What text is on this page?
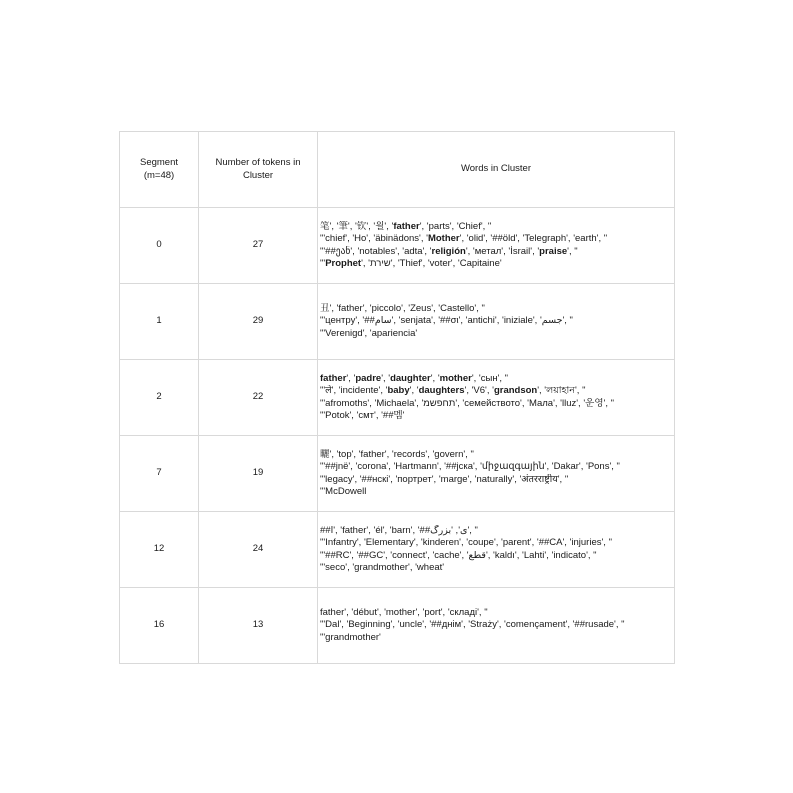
Segment (m=48)	Number of tokens in Cluster	Words in Cluster

0	27	笔', '筆', '钦', '읠', 'father', 'parts', 'Chief', "
"'chief', 'Ho', 'äbinädons', 'Mother', 'olid', '##öld', 'Telegraph', 'earth', "
"'##ეან', 'notables', 'adta', 'religión', 'метал', 'İsrail', 'praise', "
"'Prophet', 'שירת', 'Thief', 'voter', 'Capitaine'

1	29	丑', 'father', 'piccolo', 'Zeus', 'Castello', "
"'центру', '##سام', 'senjata', '##σι', 'antichi', 'iniziale', 'جسم', "
"'Verenigd', 'apariencia'

2	22	father', 'padre', 'daughter', 'mother', 'сын', "
"'ले', 'incidente', 'baby', 'daughters', 'V6', 'grandson', 'লয়াহান', "
"'afromoths', 'Michaela', 'תחפשמ', 'семейството', 'Мала', 'lluz', '운영', "
"'Potok', 'смт', '##멤'

7	19	曬', 'top', 'father', 'records', 'govern', "
"'##jnë', 'corona', 'Hartmann', '##jска', 'միջազգային', 'Dakar', 'Pons', "
"'legacy', '##нскі', 'портрет', 'marge', 'naturally', 'अंतरराष्ट्रीय', "
"'McDowell

12	24	##ا', 'father', 'él', 'barn', '##ی', 'بزرگ', "
"'Infantry', 'Elementary', 'kinderen', 'coupe', 'parent', '##CA', 'injuries', "
"'##RC', '##GC', 'connect', 'cache', 'قطع', 'kaldı', 'Lahti', 'indicato', "
"'seco', 'grandmother', 'wheat'

16	13	father', 'début', 'mother', 'port', 'складі', "
"'Dal', 'Beginning', 'uncle', '##днім', 'Straży', 'començament', '##rusade', "
"'grandmother'
